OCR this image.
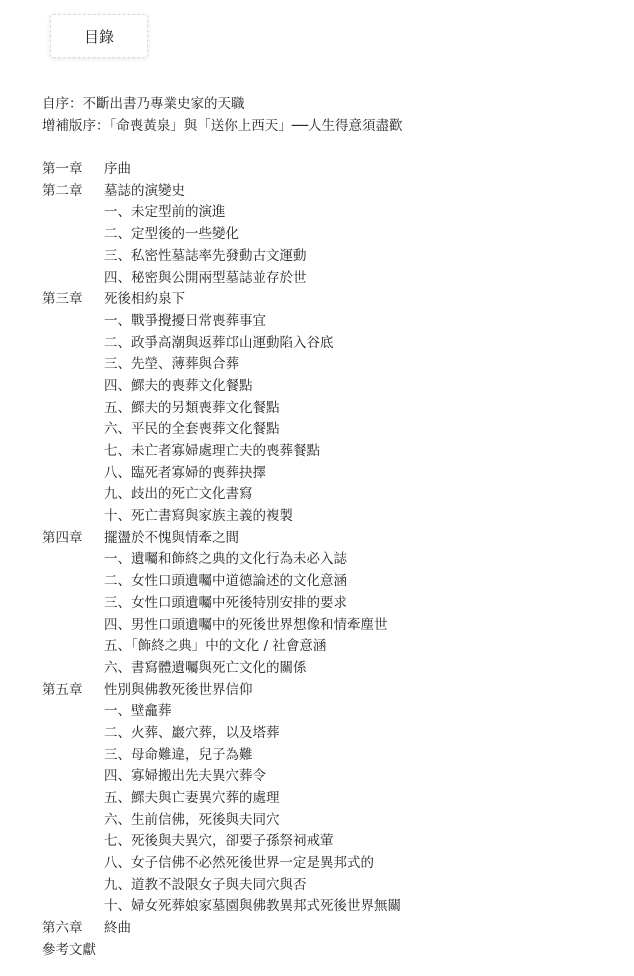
目錄
自序：不斷出書乃專業史家的天職
增補版序：「命喪黃泉」與「送你上西天」──人生得意須盡歡
第一章	序曲
第二章	墓誌的演變史
一、未定型前的演進
二、定型後的一些變化
三、私密性墓誌率先發動古文運動
四、秘密與公開兩型墓誌並存於世
第三章	死後相約泉下
一、戰爭攪擾日常喪葬事宜
二、政爭高潮與返葬邙山運動陷入谷底
三、先塋、薄葬與合葬
四、鰥夫的喪葬文化餐點
五、鰥夫的另類喪葬文化餐點
六、平民的全套喪葬文化餐點
七、未亡者寡婦處理亡夫的喪葬餐點
八、臨死者寡婦的喪葬抉擇
九、歧出的死亡文化書寫
十、死亡書寫與家族主義的複製
第四章	擺盪於不愧與情牽之間
一、遺囑和飾終之典的文化行為未必入誌
二、女性口頭遺囑中道德論述的文化意涵
三、女性口頭遺囑中死後特別安排的要求
四、男性口頭遺囑中的死後世界想像和情牽塵世
五、「飾終之典」中的文化 / 社會意涵
六、書寫體遺囑與死亡文化的關係
第五章	性別與佛教死後世界信仰
一、壁龕葬
二、火葬、巖穴葬，以及塔葬
三、母命難違，兒子為難
四、寡婦搬出先夫異穴葬令
五、鰥夫與亡妻異穴葬的處理
六、生前信佛，死後與夫同穴
七、死後與夫異穴，卻要子孫祭祠戒葷
八、女子信佛不必然死後世界一定是異邦式的
九、道教不設限女子與夫同穴與否
十、婦女死葬娘家墓園與佛教異邦式死後世界無關
第六章	終曲
參考文獻
